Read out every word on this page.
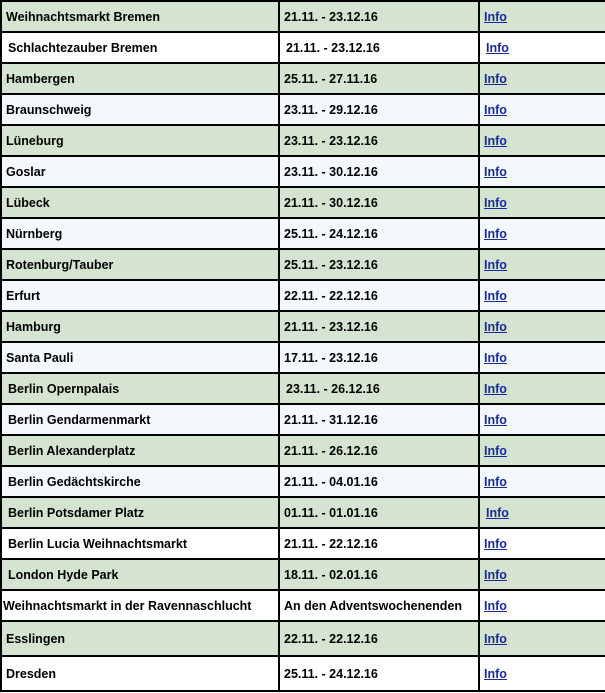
Weihnachtsmarkt Bremen	21.11. - 23.12.16	Info
Schlachtezauber Bremen	21.11. - 23.12.16	Info
Hambergen	25.11. - 27.11.16	Info
Braunschweig	23.11. - 29.12.16	Info
Lüneburg	23.11. - 23.12.16	Info
Goslar	23.11. - 30.12.16	Info
Lübeck	21.11. - 30.12.16	Info
Nürnberg	25.11. - 24.12.16	Info
Rotenburg/Tauber	25.11. - 23.12.16	Info
Erfurt	22.11. - 22.12.16	Info
Hamburg	21.11. - 23.12.16	Info
Santa Pauli	17.11. - 23.12.16	Info
Berlin Opernpalais	23.11. - 26.12.16	Info
Berlin Gendarmenmarkt	21.11. - 31.12.16	Info
Berlin Alexanderplatz	21.11. - 26.12.16	Info
Berlin Gedächtskirche	21.11. - 04.01.16	Info
Berlin Potsdamer Platz	01.11. - 01.01.16	Info
Berlin Lucia Weihnachtsmarkt	21.11. - 22.12.16	Info
London Hyde Park	18.11. - 02.01.16	Info
Weihnachtsmarkt in der Ravennaschlucht	An den Adventswochenenden	Info
Esslingen	22.11. - 22.12.16	Info
Dresden	25.11. - 24.12.16	Info
